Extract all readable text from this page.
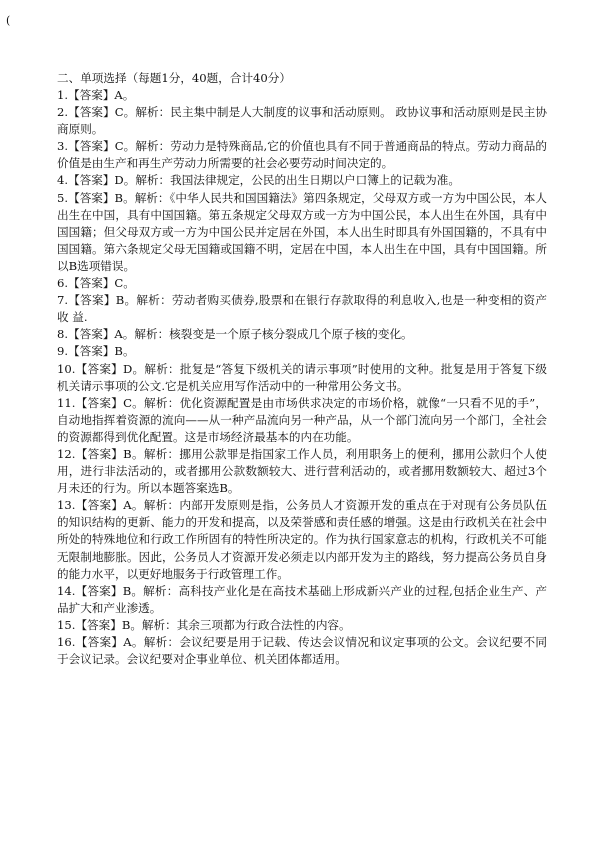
(

二、单项选择（每题1分，40题，合计40分）

1.【答案】A。

2.【答案】C。解析：民主集中制是人大制度的议事和活动原则。 政协议事和活动原则是民主协商原则。

3.【答案】C。解析：劳动力是特殊商品,它的价值也具有不同于普通商品的特点。劳动力商品的价值是由生产和再生产劳动力所需要的社会必要劳动时间决定的。

4.【答案】D。解析：我国法律规定，公民的出生日期以户口簿上的记载为准。

5.【答案】B。解析：《中华人民共和国国籍法》第四条规定，父母双方或一方为中国公民，本人出生在中国，具有中国国籍。第五条规定父母双方或一方为中国公民，本人出生在外国，具有中国国籍；但父母双方或一方为中国公民并定居在外国，本人出生时即具有外国国籍的，不具有中国国籍。第六条规定父母无国籍或国籍不明，定居在中国，本人出生在中国，具有中国国籍。所以B选项错误。

6.【答案】C。

7.【答案】B。解析：劳动者购买债券,股票和在银行存款取得的利息收入,也是一种变相的资产收 益.

8.【答案】A。解析：核裂变是一个原子核分裂成几个原子核的变化。

9.【答案】B。

10.【答案】D。解析：批复是“答复下级机关的请示事项”时使用的文种。批复是用于答复下级机关请示事项的公文.它是机关应用写作活动中的一种常用公务文书。

11.【答案】C。解析：优化资源配置是由市场供求决定的市场价格，就像“一只看不见的手”，自动地指挥着资源的流向——从一种产品流向另一种产品，从一个部门流向另一个部门，全社会的资源都得到优化配置。这是市场经济最基本的内在功能。

12.【答案】B。解析：挪用公款罪是指国家工作人员，利用职务上的便利，挪用公款归个人使用，进行非法活动的，或者挪用公款数额较大、进行营利活动的，或者挪用数额较大、超过3个月未还的行为。所以本题答案选B。

13.【答案】A。解析：内部开发原则是指，公务员人才资源开发的重点在于对现有公务员队伍的知识结构的更新、能力的开发和提高，以及荣誉感和责任感的增强。这是由行政机关在社会中所处的特殊地位和行政工作所固有的特性所决定的。作为执行国家意志的机构，行政机关不可能无限制地膨胀。因此，公务员人才资源开发必须走以内部开发为主的路线，努力提高公务员自身的能力水平，以更好地服务于行政管理工作。

14.【答案】B。解析：高科技产业化是在高技术基础上形成新兴产业的过程,包括企业生产、产品扩大和产业渗透。

15.【答案】B。解析：其余三项都为行政合法性的内容。

16.【答案】A。解析：会议纪要是用于记载、传达会议情况和议定事项的公文。会议纪要不同于会议记录。会议纪要对企事业单位、机关团体都适用。
